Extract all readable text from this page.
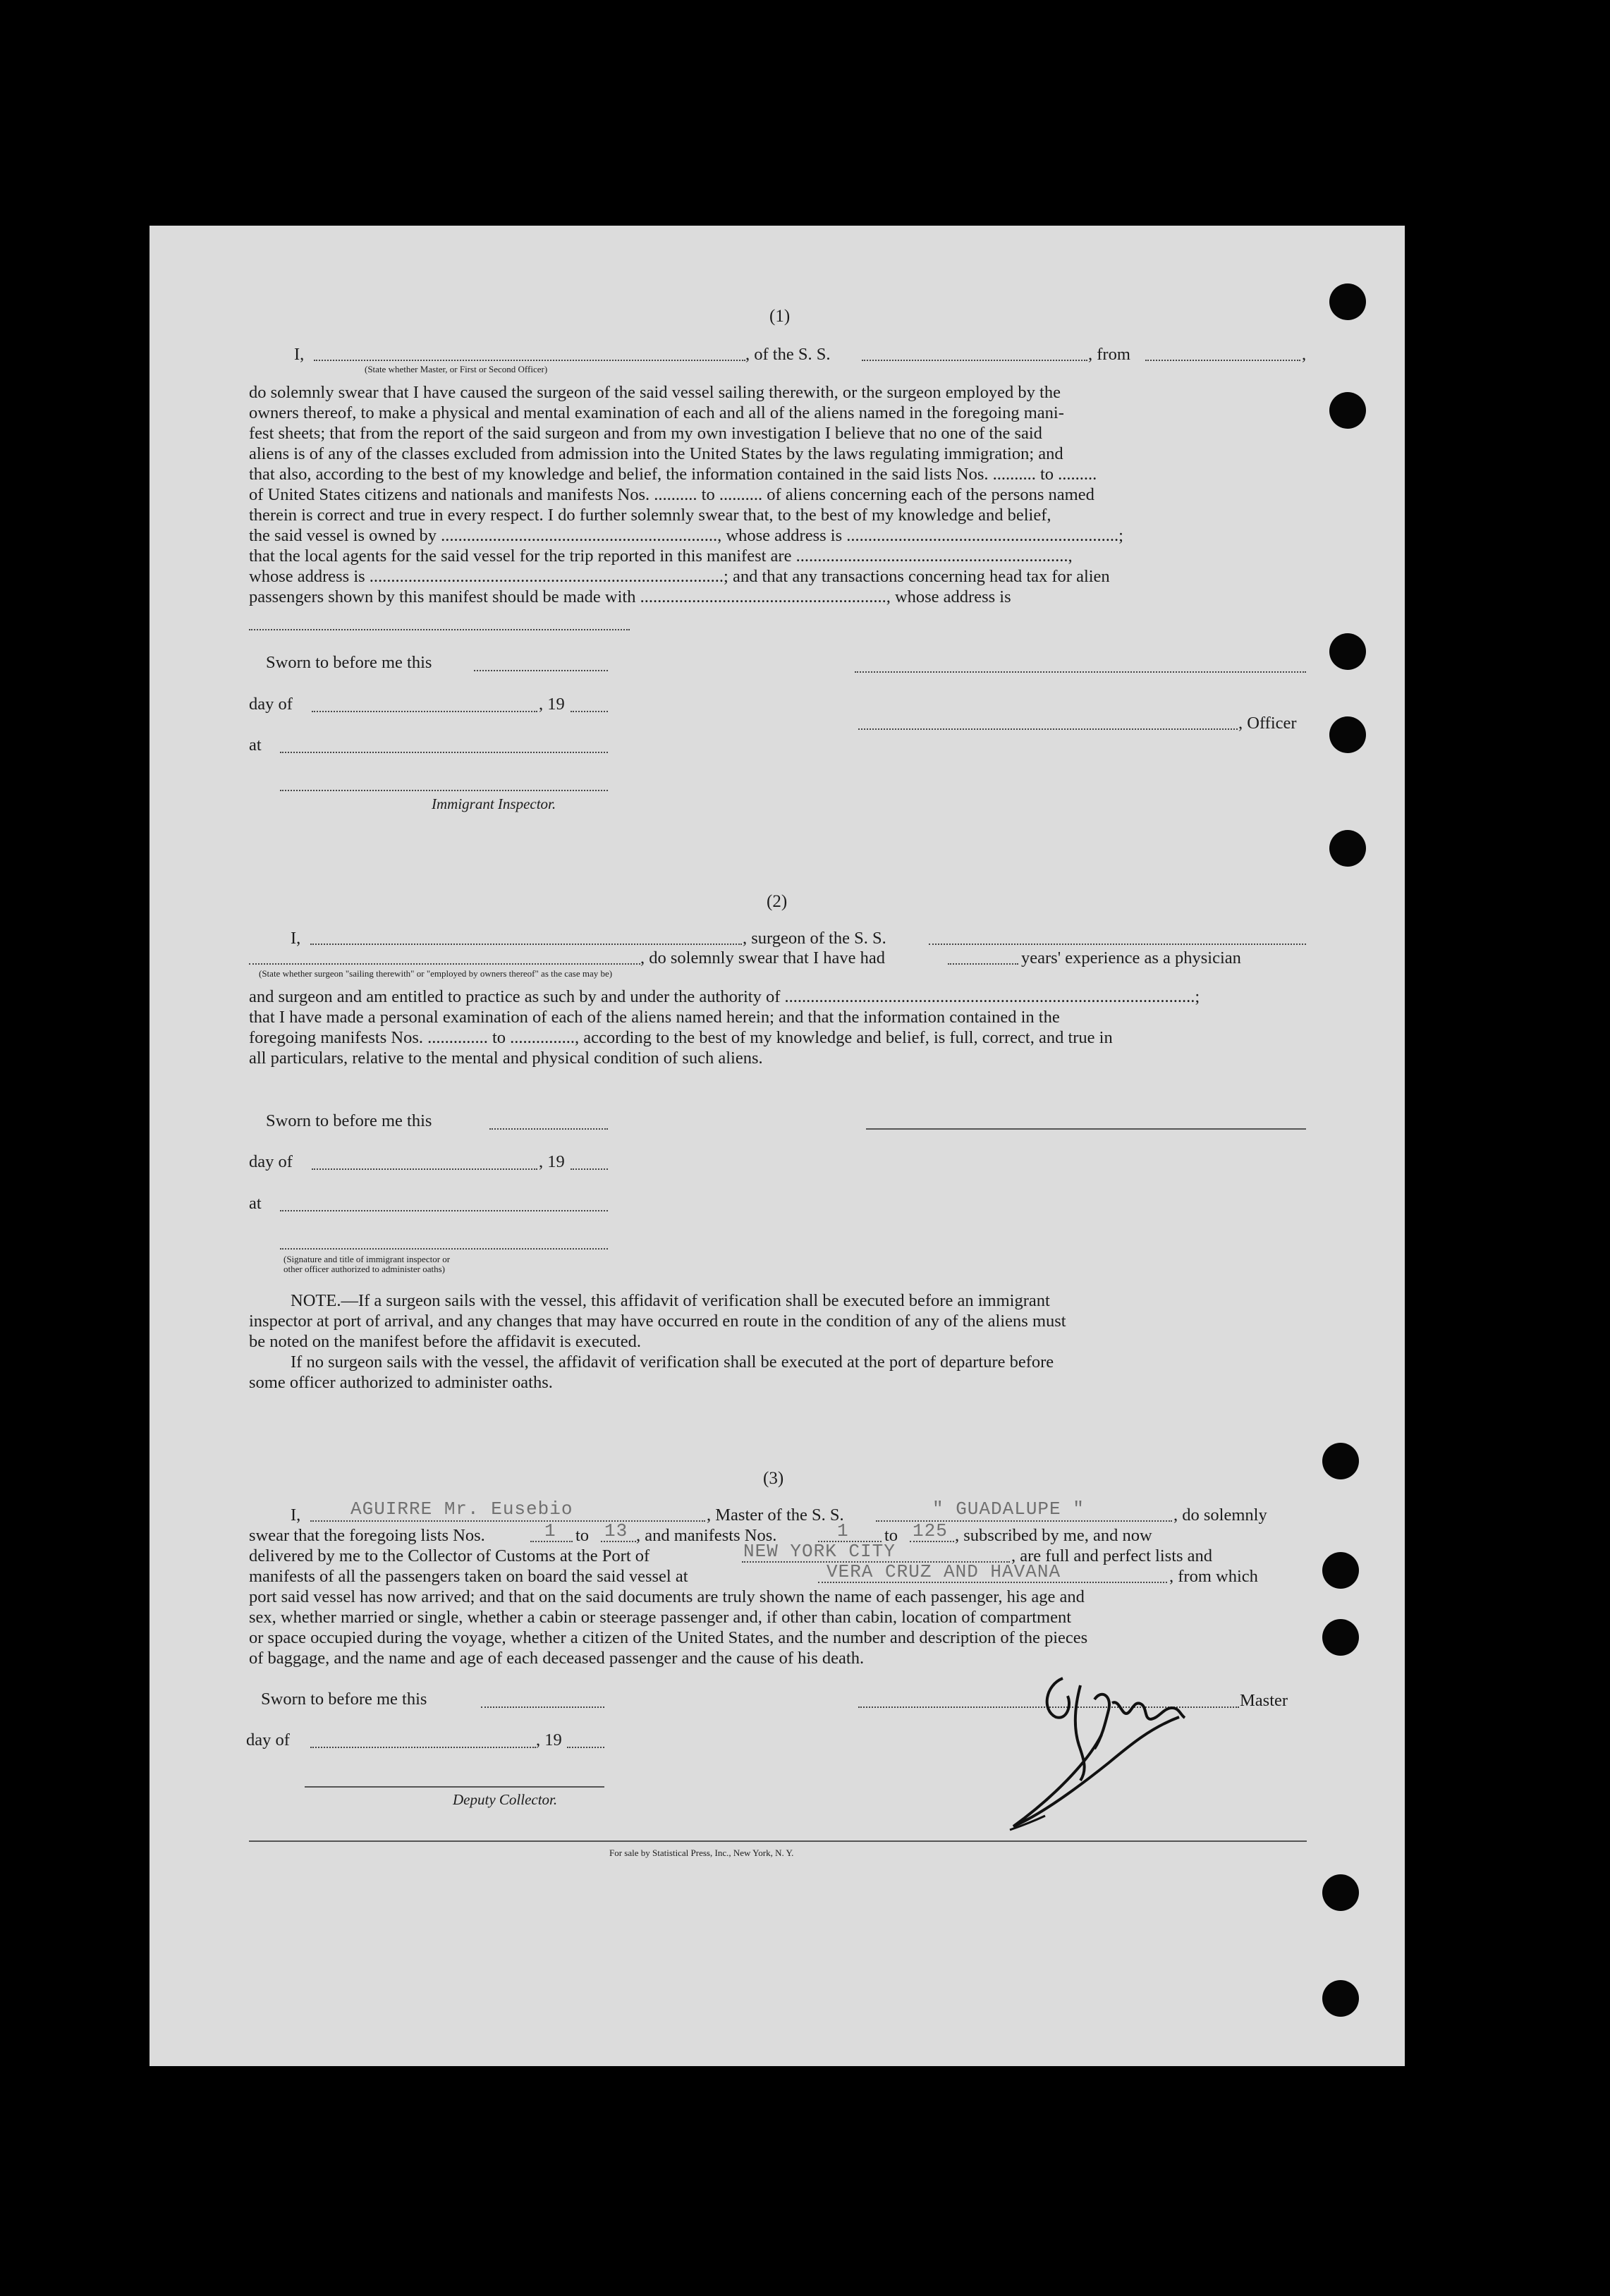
(1)
I,
(State whether Master, or First or Second Officer)
, of the S. S.	, from	,
do solemnly swear that I have caused the surgeon of the said vessel sailing therewith, or the surgeon employed by the
owners thereof, to make a physical and mental examination of each and all of the aliens named in the foregoing mani-
fest sheets; that from the report of the said surgeon and from my own investigation I believe that no one of the said
aliens is of any of the classes excluded from admission into the United States by the laws regulating immigration; and
that also, according to the best of my knowledge and belief, the information contained in the said lists Nos. .......... to .........
of United States citizens and nationals and manifests Nos. .......... to .......... of aliens concerning each of the persons named
therein is correct and true in every respect. I do further solemnly swear that, to the best of my knowledge and belief,
the said vessel is owned by ................................................................, whose address is ...............................................................;
that the local agents for the said vessel for the trip reported in this manifest are ...............................................................,
whose address is ..................................................................................; and that any transactions concerning head tax for alien
passengers shown by this manifest should be made with ........................................................., whose address is
Sworn to before me this
day of	, 19
, Officer
at
Immigrant Inspector.
(2)
I,	, surgeon of the S. S.
, do solemnly swear that I have had	years' experience as a physician
(State whether surgeon "sailing therewith" or "employed by owners thereof" as the case may be)
and surgeon and am entitled to practice as such by and under the authority of ...............................................................................................;
that I have made a personal examination of each of the aliens named herein; and that the information contained in the
foregoing manifests Nos. .............. to ..............., according to the best of my knowledge and belief, is full, correct, and true in
all particulars, relative to the mental and physical condition of such aliens.
Sworn to before me this
day of	, 19
at
(Signature and title of immigrant inspector or
other officer authorized to administer oaths)
NOTE.—If a surgeon sails with the vessel, this affidavit of verification shall be executed before an immigrant
inspector at port of arrival, and any changes that may have occurred en route in the condition of any of the aliens must
be noted on the manifest before the affidavit is executed.
If no surgeon sails with the vessel, the affidavit of verification shall be executed at the port of departure before
some officer authorized to administer oaths.
(3)
I,	AGUIRRE Mr. Eusebio	, Master of the S. S.	" GUADALUPE "	, do solemnly
swear that the foregoing lists Nos.	1 to 13 , and manifests Nos.	1 to 125 , subscribed by me, and now
delivered by me to the Collector of Customs at the Port of	NEW YORK CITY	, are full and perfect lists and
manifests of all the passengers taken on board the said vessel at	VERA CRUZ AND HAVANA	, from which
port said vessel has now arrived; and that on the said documents are truly shown the name of each passenger, his age and
sex, whether married or single, whether a cabin or steerage passenger and, if other than cabin, location of compartment
or space occupied during the voyage, whether a citizen of the United States, and the number and description of the pieces
of baggage, and the name and age of each deceased passenger and the cause of his death.
Sworn to before me this	Master
day of	, 19
Deputy Collector.
For sale by Statistical Press, Inc., New York, N. Y.
